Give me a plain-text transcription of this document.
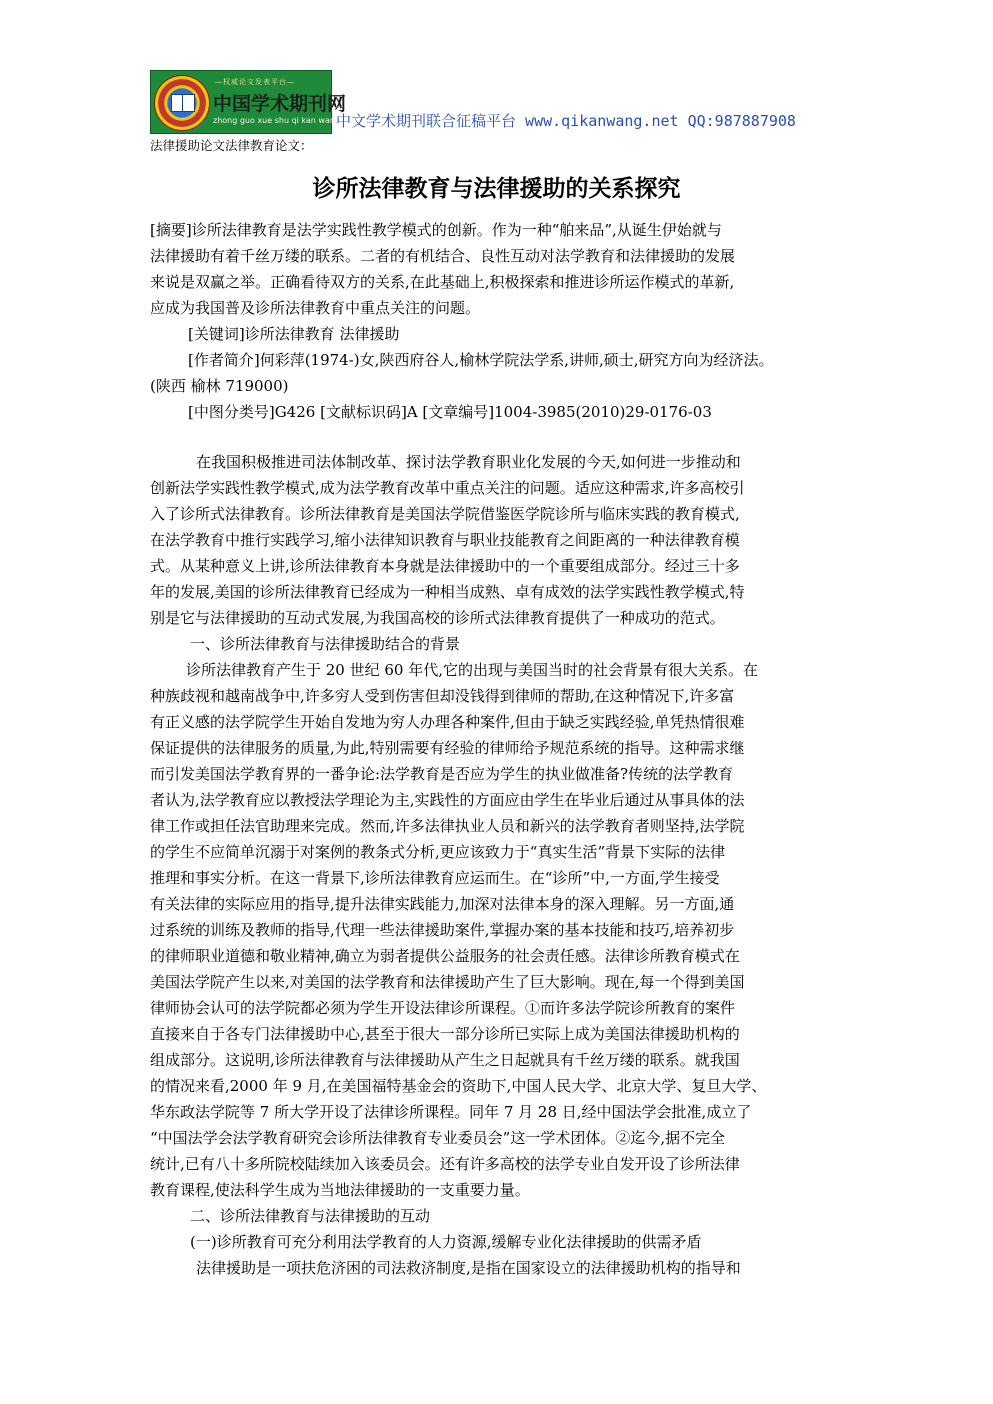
—权威论文发表平台—
中国学术期刊网
zhong guo xue shu qi kan wang
中文学术期刊联合征稿平台 www.qikanwang.net QQ:987887908
法律援助论文法律教育论文：
诊所法律教育与法律援助的关系探究
[摘要]诊所法律教育是法学实践性教学模式的创新。作为一种“舶来品”,从诞生伊始就与
法律援助有着千丝万缕的联系。二者的有机结合、良性互动对法学教育和法律援助的发展
来说是双赢之举。正确看待双方的关系,在此基础上,积极探索和推进诊所运作模式的革新,
应成为我国普及诊所法律教育中重点关注的问题。
[关键词]诊所法律教育 法律援助
[作者简介]何彩萍(1974-)女,陕西府谷人,榆林学院法学系,讲师,硕士,研究方向为经济法。
(陕西 榆林 719000)
[中图分类号]G426 [文献标识码]A [文章编号]1004-3985(2010)29-0176-03
在我国积极推进司法体制改革、探讨法学教育职业化发展的今天,如何进一步推动和
创新法学实践性教学模式,成为法学教育改革中重点关注的问题。适应这种需求,许多高校引
入了诊所式法律教育。诊所法律教育是美国法学院借鉴医学院诊所与临床实践的教育模式,
在法学教育中推行实践学习,缩小法律知识教育与职业技能教育之间距离的一种法律教育模
式。从某种意义上讲,诊所法律教育本身就是法律援助中的一个重要组成部分。经过三十多
年的发展,美国的诊所法律教育已经成为一种相当成熟、卓有成效的法学实践性教学模式,特
别是它与法律援助的互动式发展,为我国高校的诊所式法律教育提供了一种成功的范式。
一、诊所法律教育与法律援助结合的背景
诊所法律教育产生于 20 世纪 60 年代,它的出现与美国当时的社会背景有很大关系。在
种族歧视和越南战争中,许多穷人受到伤害但却没钱得到律师的帮助,在这种情况下,许多富
有正义感的法学院学生开始自发地为穷人办理各种案件,但由于缺乏实践经验,单凭热情很难
保证提供的法律服务的质量,为此,特别需要有经验的律师给予规范系统的指导。这种需求继
而引发美国法学教育界的一番争论:法学教育是否应为学生的执业做准备?传统的法学教育
者认为,法学教育应以教授法学理论为主,实践性的方面应由学生在毕业后通过从事具体的法
律工作或担任法官助理来完成。然而,许多法律执业人员和新兴的法学教育者则坚持,法学院
的学生不应简单沉溺于对案例的教条式分析,更应该致力于“真实生活”背景下实际的法律
推理和事实分析。在这一背景下,诊所法律教育应运而生。在“诊所”中,一方面,学生接受
有关法律的实际应用的指导,提升法律实践能力,加深对法律本身的深入理解。另一方面,通
过系统的训练及教师的指导,代理一些法律援助案件,掌握办案的基本技能和技巧,培养初步
的律师职业道德和敬业精神,确立为弱者提供公益服务的社会责任感。法律诊所教育模式在
美国法学院产生以来,对美国的法学教育和法律援助产生了巨大影响。现在,每一个得到美国
律师协会认可的法学院都必须为学生开设法律诊所课程。①而许多法学院诊所教育的案件
直接来自于各专门法律援助中心,甚至于很大一部分诊所已实际上成为美国法律援助机构的
组成部分。这说明,诊所法律教育与法律援助从产生之日起就具有千丝万缕的联系。就我国
的情况来看,2000 年 9 月,在美国福特基金会的资助下,中国人民大学、北京大学、复旦大学、
华东政法学院等 7 所大学开设了法律诊所课程。同年 7 月 28 日,经中国法学会批准,成立了
“中国法学会法学教育研究会诊所法律教育专业委员会”这一学术团体。②迄今,据不完全
统计,已有八十多所院校陆续加入该委员会。还有许多高校的法学专业自发开设了诊所法律
教育课程,使法科学生成为当地法律援助的一支重要力量。
二、诊所法律教育与法律援助的互动
(一)诊所教育可充分利用法学教育的人力资源,缓解专业化法律援助的供需矛盾
法律援助是一项扶危济困的司法救济制度,是指在国家设立的法律援助机构的指导和
